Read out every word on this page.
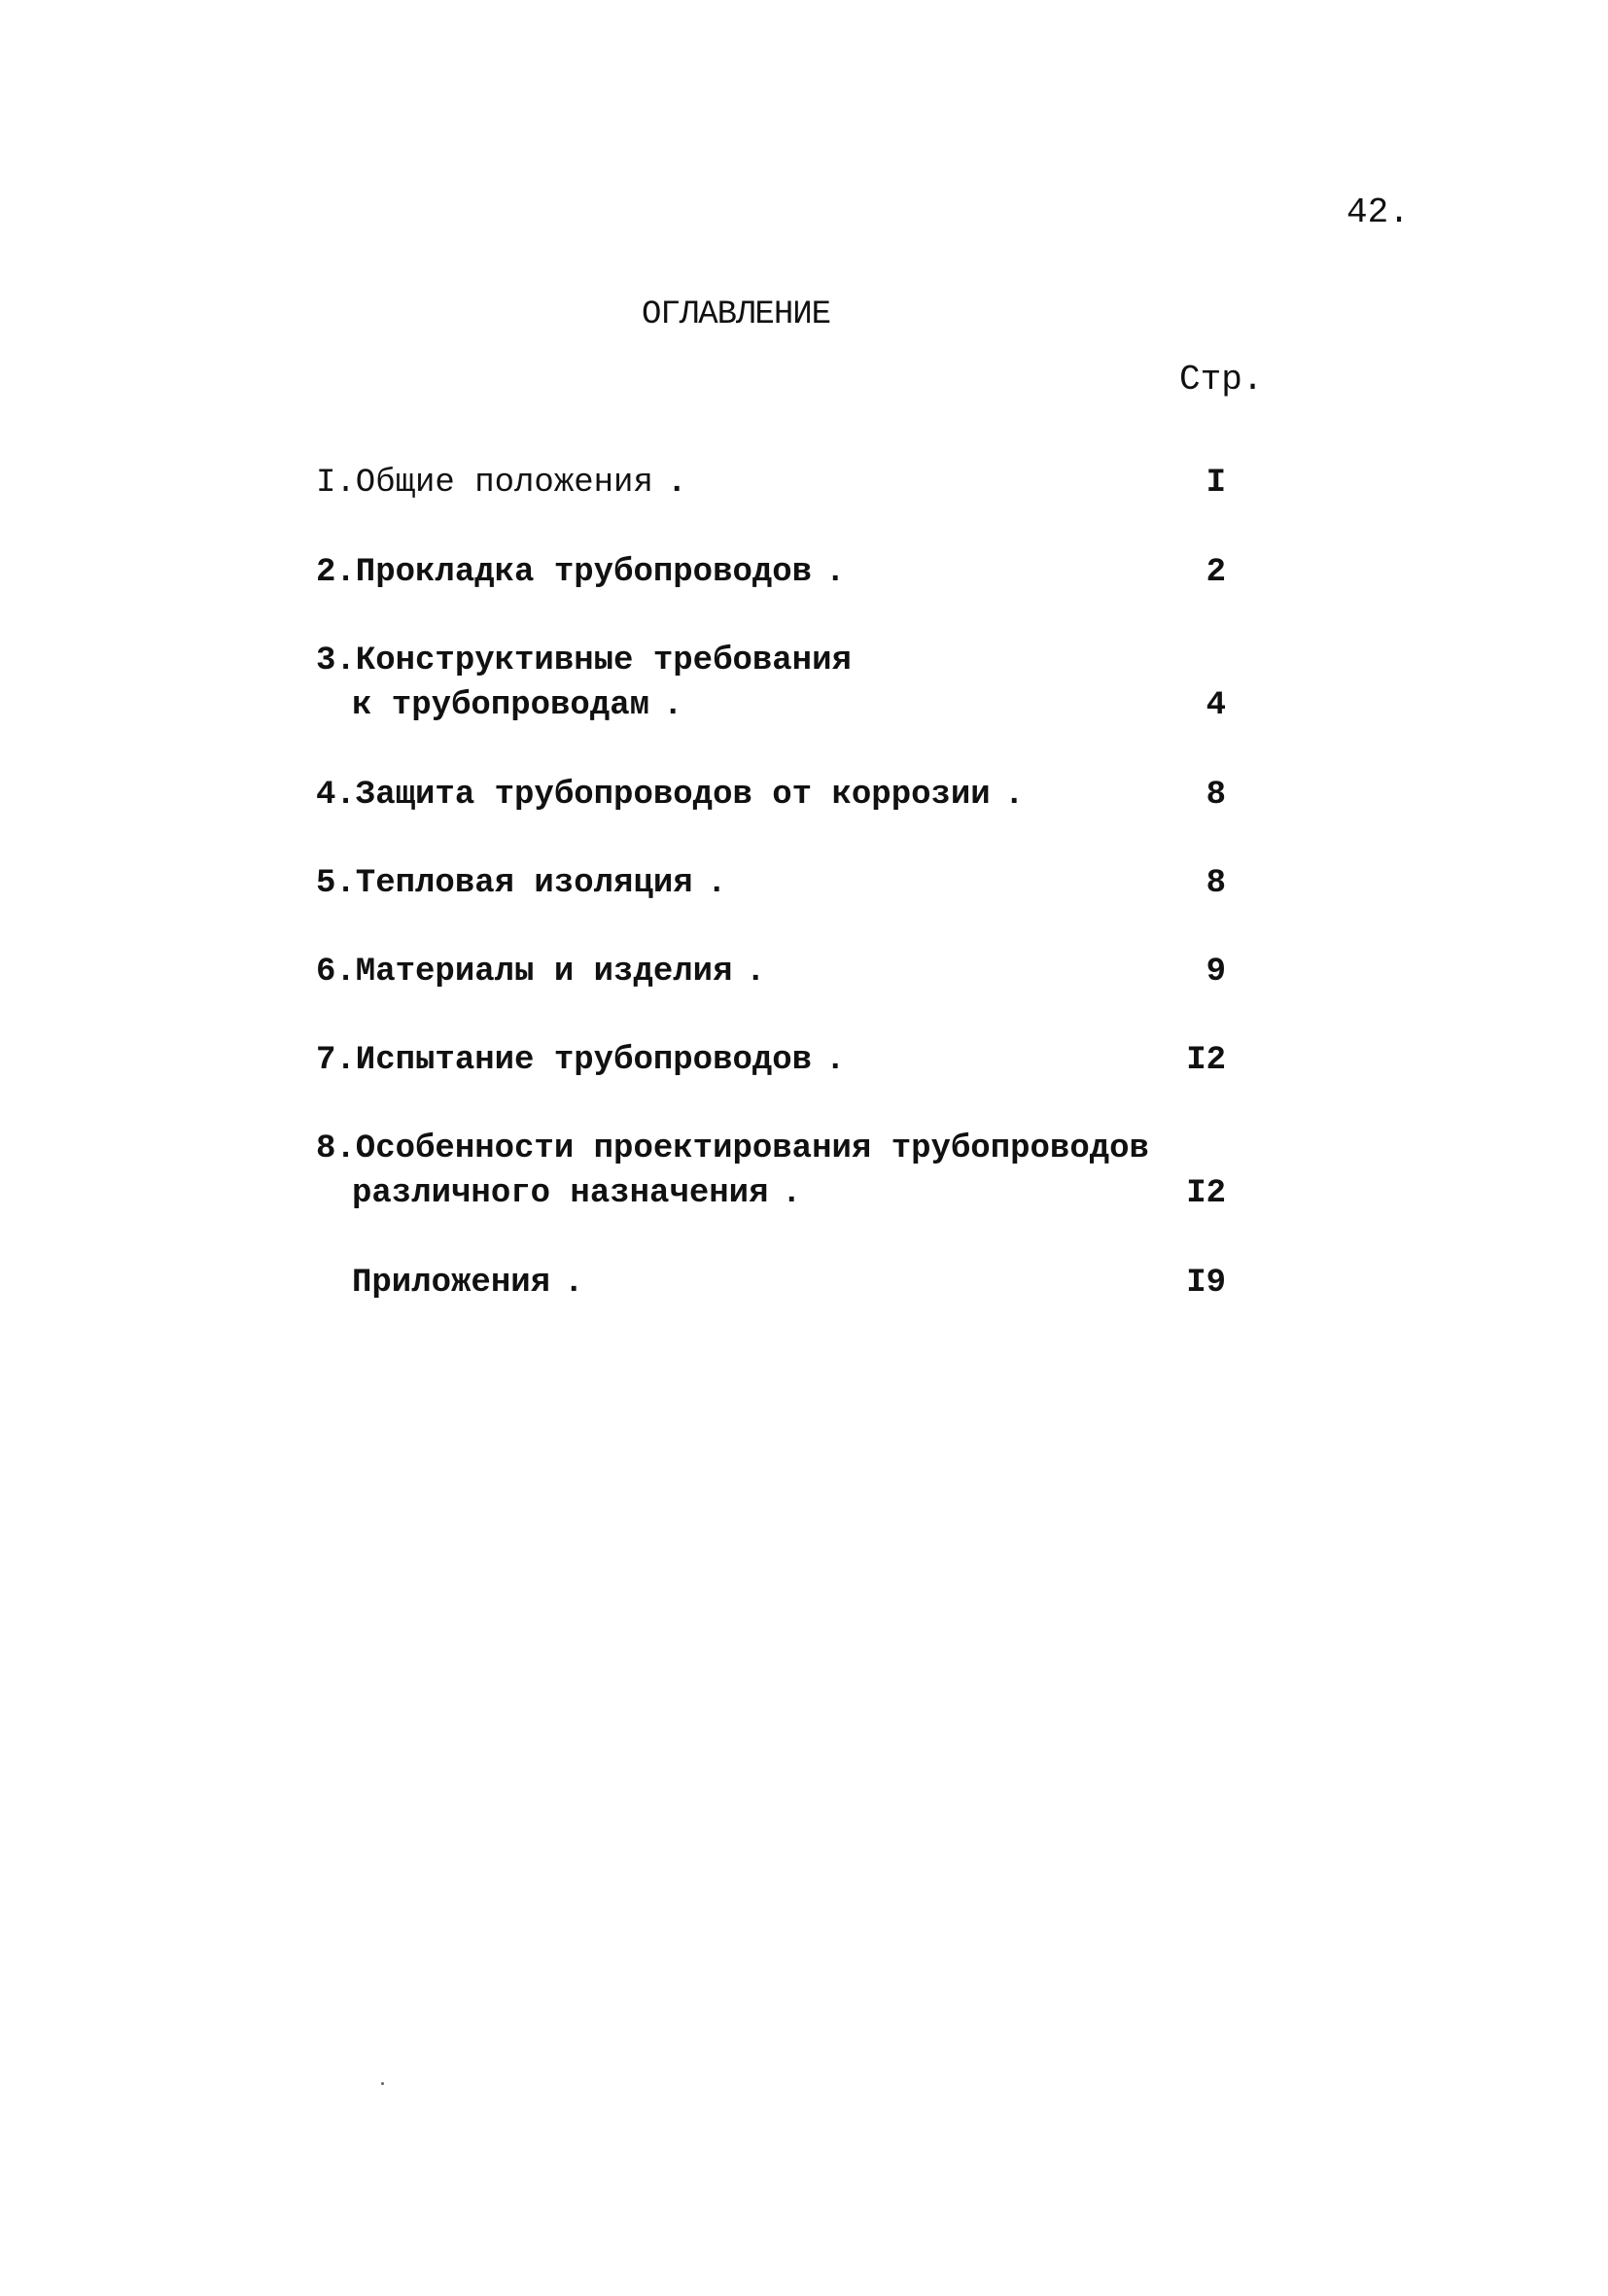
42.
ОГЛАВЛЕНИЕ
Стр.
I.Общие положения	I
.
2.Прокладка трубопроводов	2
.
3.Конструктивные требования
к трубопроводам	4
.
4.Защита трубопроводов от коррозии	8
.
5.Тепловая изоляция	8
.
6.Материалы и изделия	9
.
7.Испытание трубопроводов	I2
.
8.Особенности проектирования трубопроводов
различного назначения	I2
.
Приложения	I9
.
